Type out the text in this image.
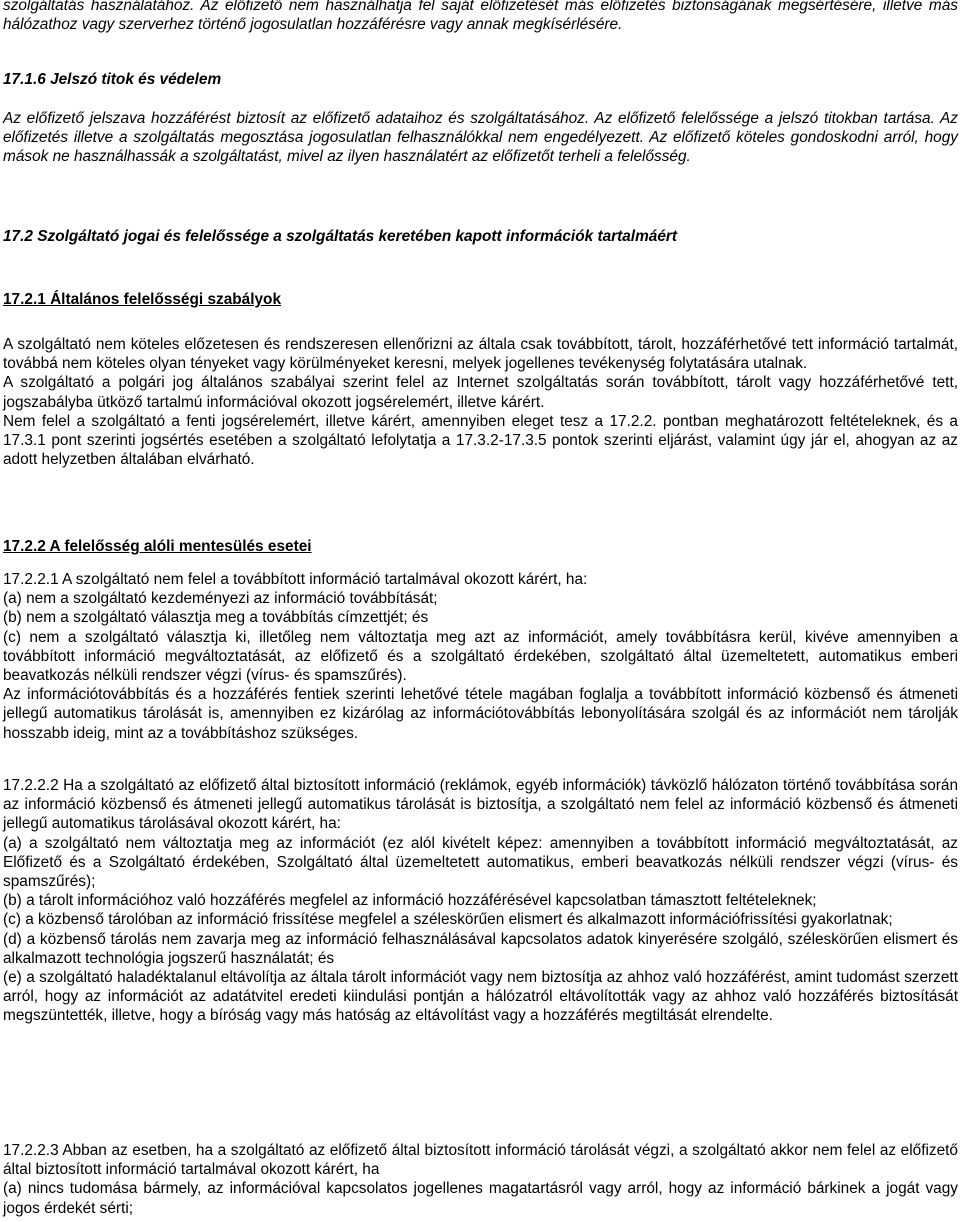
szolgáltatás használatához. Az előfizető nem használhatja fel saját előfizetését más előfizetés biztonságának megsértésére, illetve más hálózathoz vagy szerverhez történő jogosulatlan hozzáférésre vagy annak megkísérlésére.

17.1.6 Jelszó titok és védelem

Az előfizető jelszava hozzáférést biztosít az előfizető adataihoz és szolgáltatásához. Az előfizető felelőssége a jelszó titokban tartása. Az előfizetés illetve a szolgáltatás megosztása jogosulatlan felhasználókkal nem engedélyezett. Az előfizető köteles gondoskodni arról, hogy mások ne használhassák a szolgáltatást, mivel az ilyen használatért az előfizetőt terheli a felelősség.

17.2 Szolgáltató jogai és felelőssége a szolgáltatás keretében kapott információk tartalmáért

17.2.1 Általános felelősségi szabályok

A szolgáltató nem köteles előzetesen és rendszeresen ellenőrizni az általa csak továbbított, tárolt, hozzáférhetővé tett információ tartalmát, továbbá nem köteles olyan tényeket vagy körülményeket keresni, melyek jogellenes tevékenység folytatására utalnak.

A szolgáltató a polgári jog általános szabályai szerint felel az Internet szolgáltatás során továbbított, tárolt vagy hozzáférhetővé tett, jogszabályba ütköző tartalmú információval okozott jogsérelemért, illetve kárért.

Nem felel a szolgáltató a fenti jogsérelemért, illetve kárért, amennyiben eleget tesz a 17.2.2. pontban meghatározott feltételeknek, és a 17.3.1 pont szerinti jogsértés esetében a szolgáltató lefolytatja a 17.3.2-17.3.5 pontok szerinti eljárást, valamint úgy jár el, ahogyan az az adott helyzetben általában elvárható.

17.2.2 A felelősség alóli mentesülés esetei

17.2.2.1 A szolgáltató nem felel a továbbított információ tartalmával okozott kárért, ha:

(a) nem a szolgáltató kezdeményezi az információ továbbítását;

(b) nem a szolgáltató választja meg a továbbítás címzettjét; és

(c) nem a szolgáltató választja ki, illetőleg nem változtatja meg azt az információt, amely továbbításra kerül, kivéve amennyiben a továbbított információ megváltoztatását, az előfizető és a szolgáltató érdekében, szolgáltató által üzemeltetett, automatikus emberi beavatkozás nélküli rendszer végzi (vírus- és spamszűrés).

Az információtovábbítás és a hozzáférés fentiek szerinti lehetővé tétele magában foglalja a továbbított információ közbenső és átmeneti jellegű automatikus tárolását is, amennyiben ez kizárólag az információtovábbítás lebonyolítására szolgál és az információt nem tárolják hosszabb ideig, mint az a továbbításhoz szükséges.

17.2.2.2 Ha a szolgáltató az előfizető által biztosított információ (reklámok, egyéb információk) távközlő hálózaton történő továbbítása során az információ közbenső és átmeneti jellegű automatikus tárolását is biztosítja, a szolgáltató nem felel az információ közbenső és átmeneti jellegű automatikus tárolásával okozott kárért, ha:

(a) a szolgáltató nem változtatja meg az információt (ez alól kivételt képez: amennyiben a továbbított információ megváltoztatását, az Előfizető és a Szolgáltató érdekében, Szolgáltató által üzemeltetett automatikus, emberi beavatkozás nélküli rendszer végzi (vírus- és spamszűrés);

(b) a tárolt információhoz való hozzáférés megfelel az információ hozzáférésével kapcsolatban támasztott feltételeknek;

(c) a közbenső tárolóban az információ frissítése megfelel a széleskörűen elismert és alkalmazott információfrissítési gyakorlatnak;

(d) a közbenső tárolás nem zavarja meg az információ felhasználásával kapcsolatos adatok kinyerésére szolgáló, széleskörűen elismert és alkalmazott technológia jogszerű használatát; és

(e) a szolgáltató haladéktalanul eltávolítja az általa tárolt információt vagy nem biztosítja az ahhoz való hozzáférést, amint tudomást szerzett arról, hogy az információt az adatátvitel eredeti kiindulási pontján a hálózatról eltávolították vagy az ahhoz való hozzáférés biztosítását megszüntették, illetve, hogy a bíróság vagy más hatóság az eltávolítást vagy a hozzáférés megtiltását elrendelte.

17.2.2.3 Abban az esetben, ha a szolgáltató az előfizető által biztosított információ tárolását végzi, a szolgáltató akkor nem felel az előfizető által biztosított információ tartalmával okozott kárért, ha

(a) nincs tudomása bármely, az információval kapcsolatos jogellenes magatartásról vagy arról, hogy az információ bárkinek a jogát vagy jogos érdekét sérti;
